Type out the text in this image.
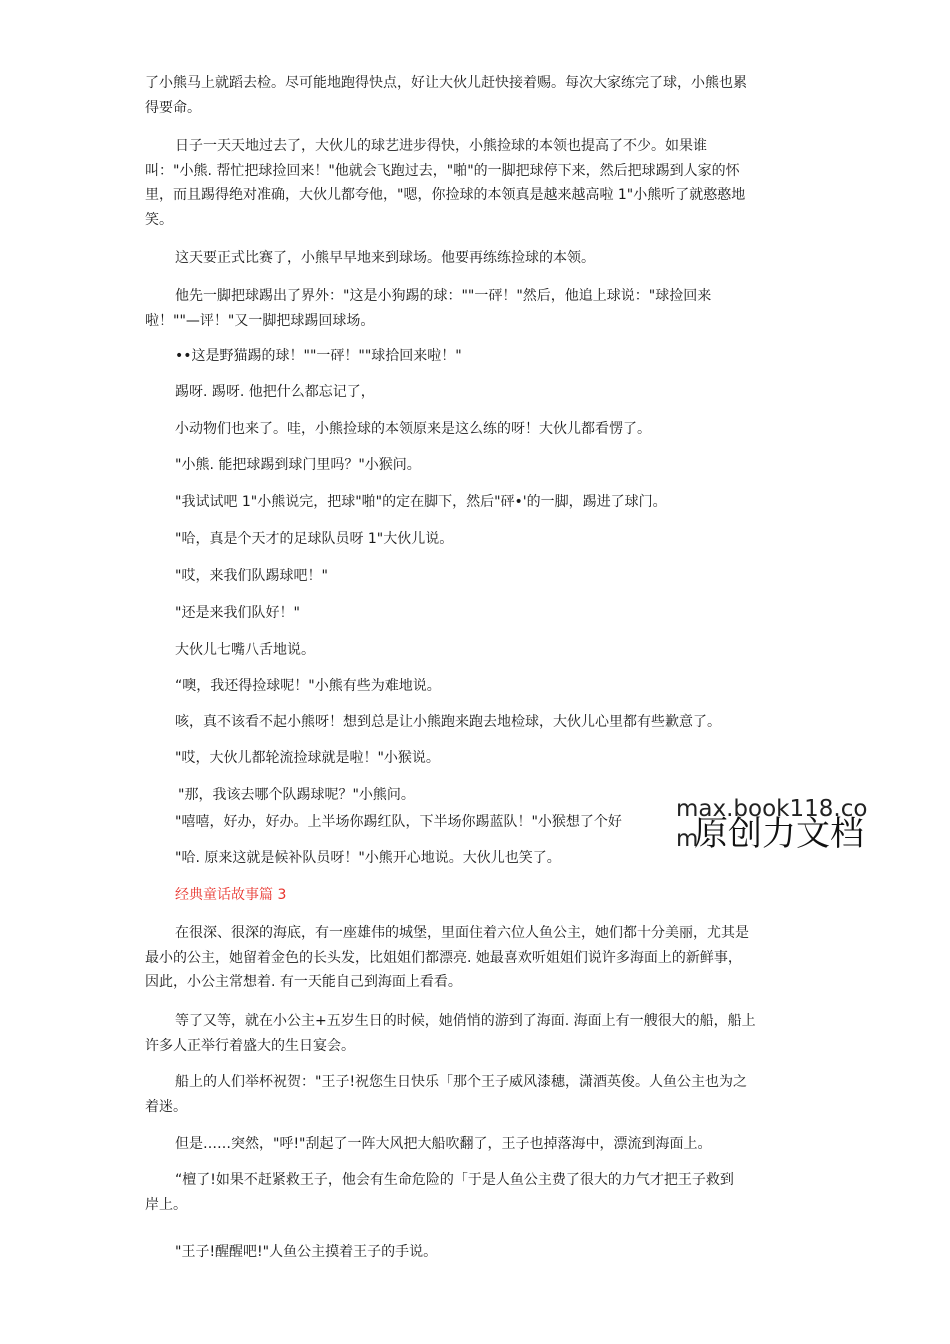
了小熊马上就蹈去检。尽可能地跑得快点，好让大伙儿赶快接着赐。每次大家练完了球，小熊也累
得要命。
日子一天天地过去了，大伙儿的球艺进步得快，小熊捡球的本领也提高了不少。如果谁
叫："小熊. 帮忙把球捡回来！"他就会飞跑过去，"啪"的一脚把球停下来，然后把球踢到人家的怀
里，而且踢得绝对准确，大伙儿都夸他，"嗯，你捡球的本领真是越来越高啦 1"小熊听了就憨憨地
笑。
这天要正式比赛了，小熊早早地来到球场。他要再练练捡球的本领。
他先一脚把球踢出了界外："这是小狗踢的球：""一砰！"然后，他追上球说："球捡回来
啦！""—评！"又一脚把球踢回球场。
••这是野猫踢的球！""一砰！""球拾回来啦！"
踢呀. 踢呀. 他把什么都忘记了，
小动物们也来了。哇，小熊捡球的本领原来是这么练的呀！大伙儿都看愣了。
"小熊. 能把球踢到球门里吗？"小猴问。
"我试试吧 1"小熊说完，把球"啪"的定在脚下，然后"砰•'的一脚，踢进了球门。
"哈，真是个天才的足球队员呀 1"大伙儿说。
"哎，来我们队踢球吧！"
"还是来我们队好！"
大伙儿七嘴八舌地说。
“噢，我还得捡球呢！"小熊有些为难地说。
咳，真不该看不起小熊呀！想到总是让小熊跑来跑去地检球，大伙儿心里都有些歉意了。
"哎，大伙儿都轮流捡球就是啦！"小猴说。
"那，我该去哪个队踢球呢？"小熊问。
"嘻嘻，好办，好办。上半场你踢红队，下半场你踢蓝队！"小猴想了个好
"哈. 原来这就是候补队员呀！"小熊开心地说。大伙儿也笑了。
经典童话故事篇 3
在很深、很深的海底，有一座雄伟的城堡，里面住着六位人鱼公主，她们都十分美丽，尤其是
最小的公主，她留着金色的长头发，比姐姐们都漂亮. 她最喜欢听姐姐们说许多海面上的新鲜事，
因此，小公主常想着. 有一天能自己到海面上看看。
等了又等，就在小公主+五岁生日的时候，她俏悄的游到了海面. 海面上有一艘很大的船，船上
许多人正举行着盛大的生日宴会。
船上的人们举杯祝贺："王子!祝您生日快乐「那个王子威风漆穗，潇酒英俊。人鱼公主也为之
着迷。
但是……突然，"呼!"刮起了一阵大风把大船吹翻了，王子也掉落海中，漂流到海面上。
“檀了!如果不赶紧救王子，他会有生命危险的「于是人鱼公主费了很大的力气才把王子救到
岸上。
"王子!醒醒吧!"人鱼公主摸着王子的手说。
max.book118.co
m
原创力文档
